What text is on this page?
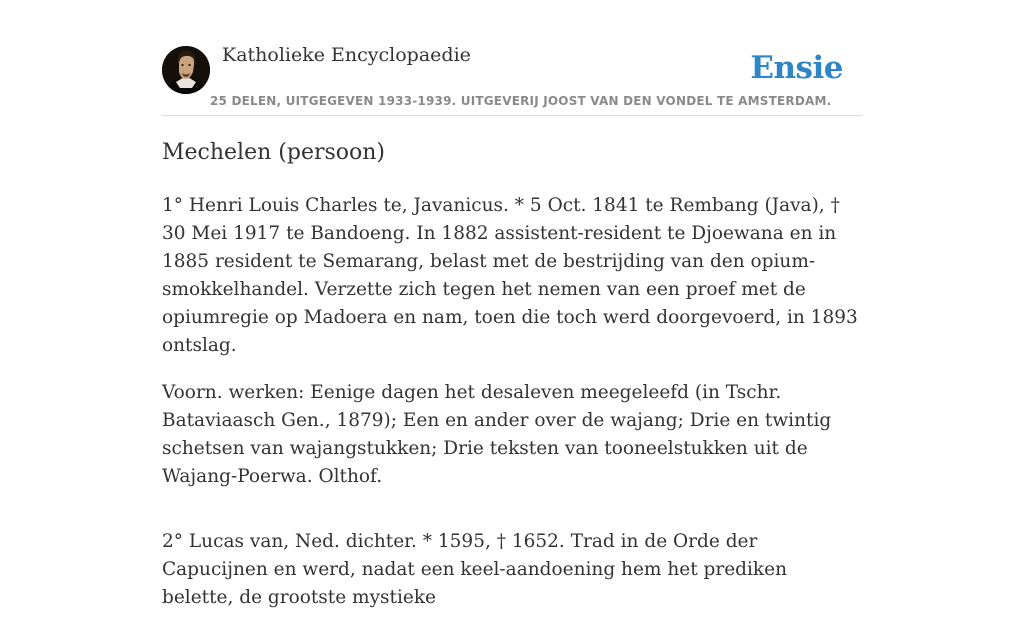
Katholieke Encyclopaedie	Ensie
25 DELEN, UITGEGEVEN 1933-1939. UITGEVERIJ JOOST VAN DEN VONDEL TE AMSTERDAM.
Mechelen (persoon)

1° Henri Louis Charles te, Javanicus. * 5 Oct. 1841 te Rembang (Java), † 30 Mei 1917 te Bandoeng. In 1882 assistent-resident te Djoewana en in 1885 resident te Semarang, belast met de bestrijding van den opium-smokkelhandel. Verzette zich tegen het nemen van een proef met de opiumregie op Madoera en nam, toen die toch werd doorgevoerd, in 1893 ontslag.

Voorn. werken: Eenige dagen het desaleven meegeleefd (in Tschr. Bataviaasch Gen., 1879); Een en ander over de wajang; Drie en twintig schetsen van wajangstukken; Drie teksten van tooneelstukken uit de Wajang-Poerwa. Olthof.

2° Lucas van, Ned. dichter. * 1595, † 1652. Trad in de Orde der Capucijnen en werd, nadat een keel-aandoening hem het prediken belette, de grootste mystieke
